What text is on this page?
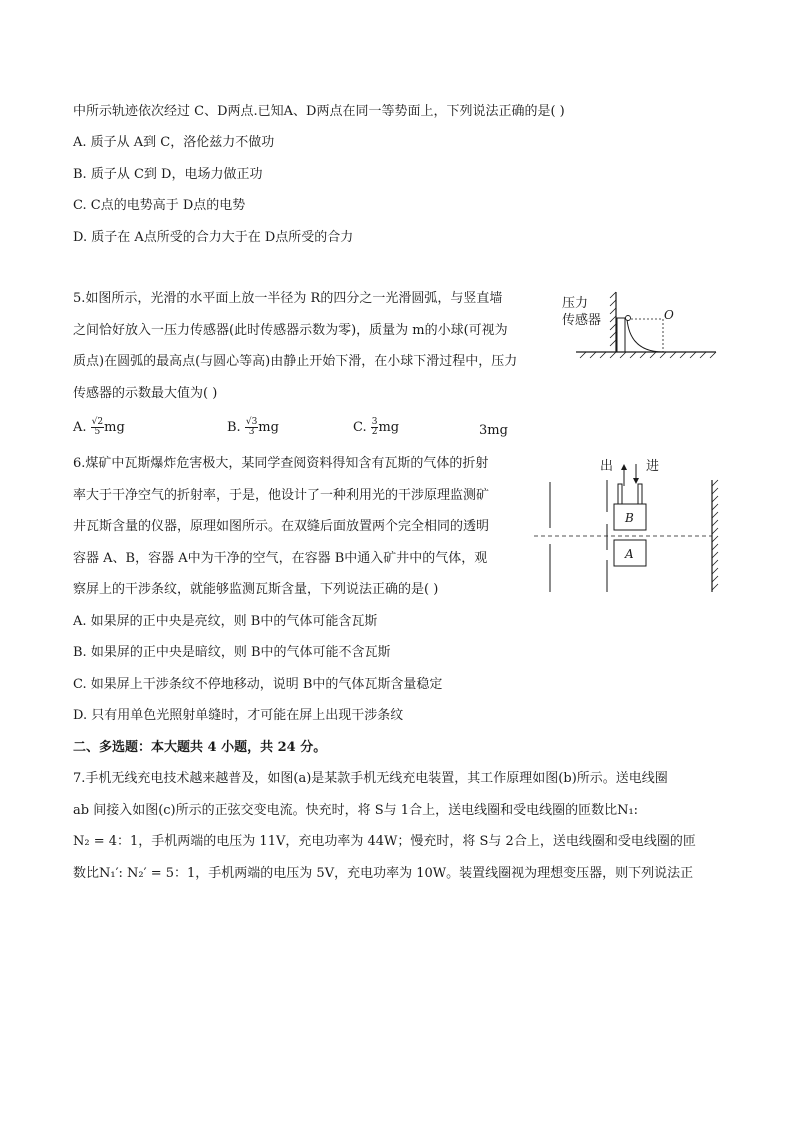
中所示轨迹依次经过 C、D两点.已知A、D两点在同一等势面上，下列说法正确的是( )
A. 质子从 A到 C，洛伦兹力不做功
B. 质子从 C到 D，电场力做正功
C. C点的电势高于 D点的电势
D. 质子在 A点所受的合力大于在 D点所受的合力
5.如图所示，光滑的水平面上放一半径为 R的四分之一光滑圆弧，与竖直墙
之间恰好放入一压力传感器(此时传感器示数为零)，质量为 m的小球(可视为
质点)在圆弧的最高点(与圆心等高)由静止开始下滑，在小球下滑过程中，压力
传感器的示数最大值为( )
A. $\frac{√2}{5}$ mg	B. $\frac{√3}{3}$ mg	C. $\frac{3}{2}$ mg	3mg
压力
传感器	O
6.煤矿中瓦斯爆炸危害极大，某同学查阅资料得知含有瓦斯的气体的折射
率大于干净空气的折射率，于是，他设计了一种利用光的干涉原理监测矿
井瓦斯含量的仪器，原理如图所示。在双缝后面放置两个完全相同的透明
容器 A、B，容器 A中为干净的空气，在容器 B中通入矿井中的气体，观
察屏上的干涉条纹，就能够监测瓦斯含量，下列说法正确的是( )
A. 如果屏的正中央是亮纹，则 B中的气体可能含瓦斯
B. 如果屏的正中央是暗纹，则 B中的气体可能不含瓦斯
C. 如果屏上干涉条纹不停地移动，说明 B中的气体瓦斯含量稳定
D. 只有用单色光照射单缝时，才可能在屏上出现干涉条纹
出	进
B
A
二、多选题：本大题共 4 小题，共 24 分。
7.手机无线充电技术越来越普及，如图(a)是某款手机无线充电装置，其工作原理如图(b)所示。送电线圈
ab 间接入如图(c)所示的正弦交变电流。快充时，将 S与 1合上，送电线圈和受电线圈的匝数比N₁:
N₂ = 4：1，手机两端的电压为 11V，充电功率为 44W；慢充时，将 S与 2合上，送电线圈和受电线圈的匝
数比N₁′: N₂′ = 5：1，手机两端的电压为 5V，充电功率为 10W。装置线圈视为理想变压器，则下列说法正
